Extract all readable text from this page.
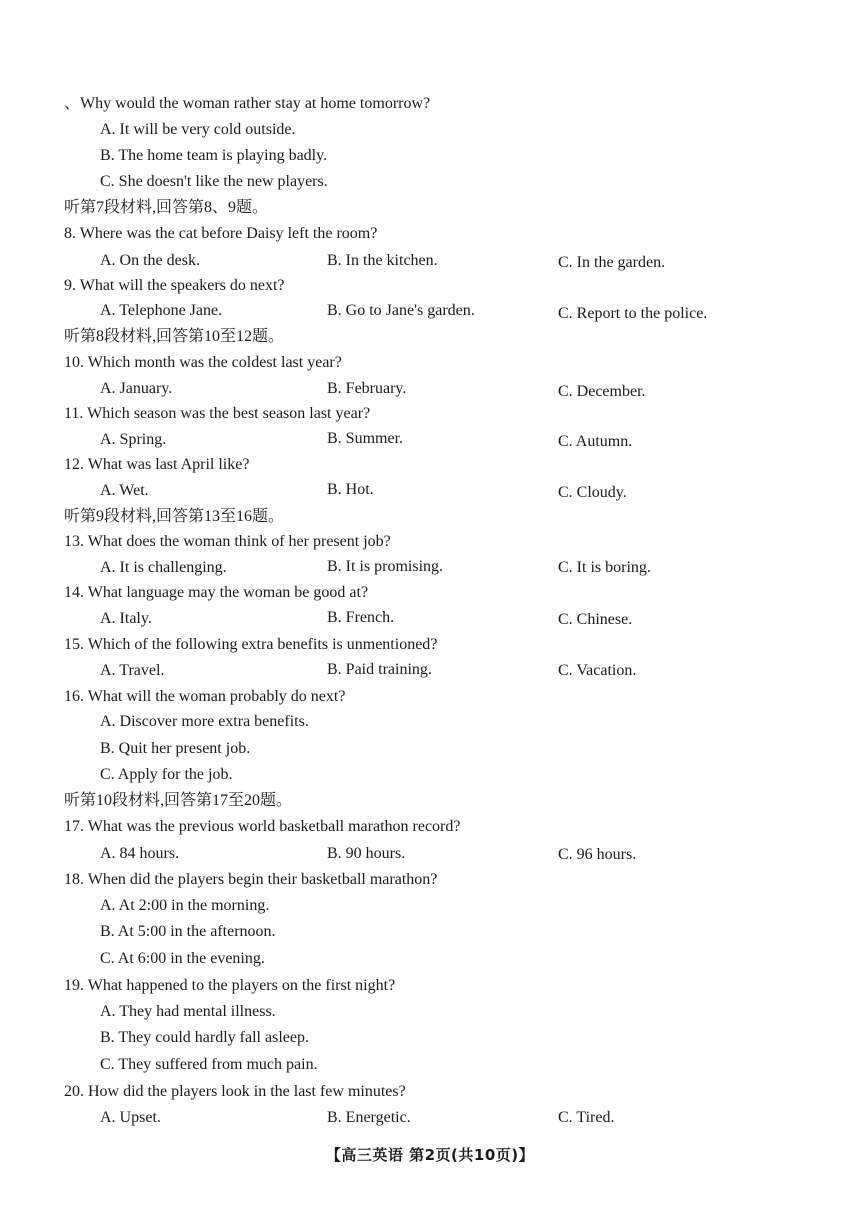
、Why would the woman rather stay at home tomorrow?
A. It will be very cold outside.
B. The home team is playing badly.
C. She doesn't like the new players.
听第7段材料,回答第8、9题。
8. Where was the cat before Daisy left the room?
A. On the desk.	B. In the kitchen.	C. In the garden.
9. What will the speakers do next?
A. Telephone Jane.	B. Go to Jane's garden.	C. Report to the police.
听第8段材料,回答第10至12题。
10. Which month was the coldest last year?
A. January.	B. February.	C. December.
11. Which season was the best season last year?
A. Spring.	B. Summer.	C. Autumn.
12. What was last April like?
A. Wet.	B. Hot.	C. Cloudy.
听第9段材料,回答第13至16题。
13. What does the woman think of her present job?
A. It is challenging.	B. It is promising.	C. It is boring.
14. What language may the woman be good at?
A. Italy.	B. French.	C. Chinese.
15. Which of the following extra benefits is unmentioned?
A. Travel.	B. Paid training.	C. Vacation.
16. What will the woman probably do next?
A. Discover more extra benefits.
B. Quit her present job.
C. Apply for the job.
听第10段材料,回答第17至20题。
17. What was the previous world basketball marathon record?
A. 84 hours.	B. 90 hours.	C. 96 hours.
18. When did the players begin their basketball marathon?
A. At 2:00 in the morning.
B. At 5:00 in the afternoon.
C. At 6:00 in the evening.
19. What happened to the players on the first night?
A. They had mental illness.
B. They could hardly fall asleep.
C. They suffered from much pain.
20. How did the players look in the last few minutes?
A. Upset.	B. Energetic.	C. Tired.
【高三英语 第2页(共10页)】
